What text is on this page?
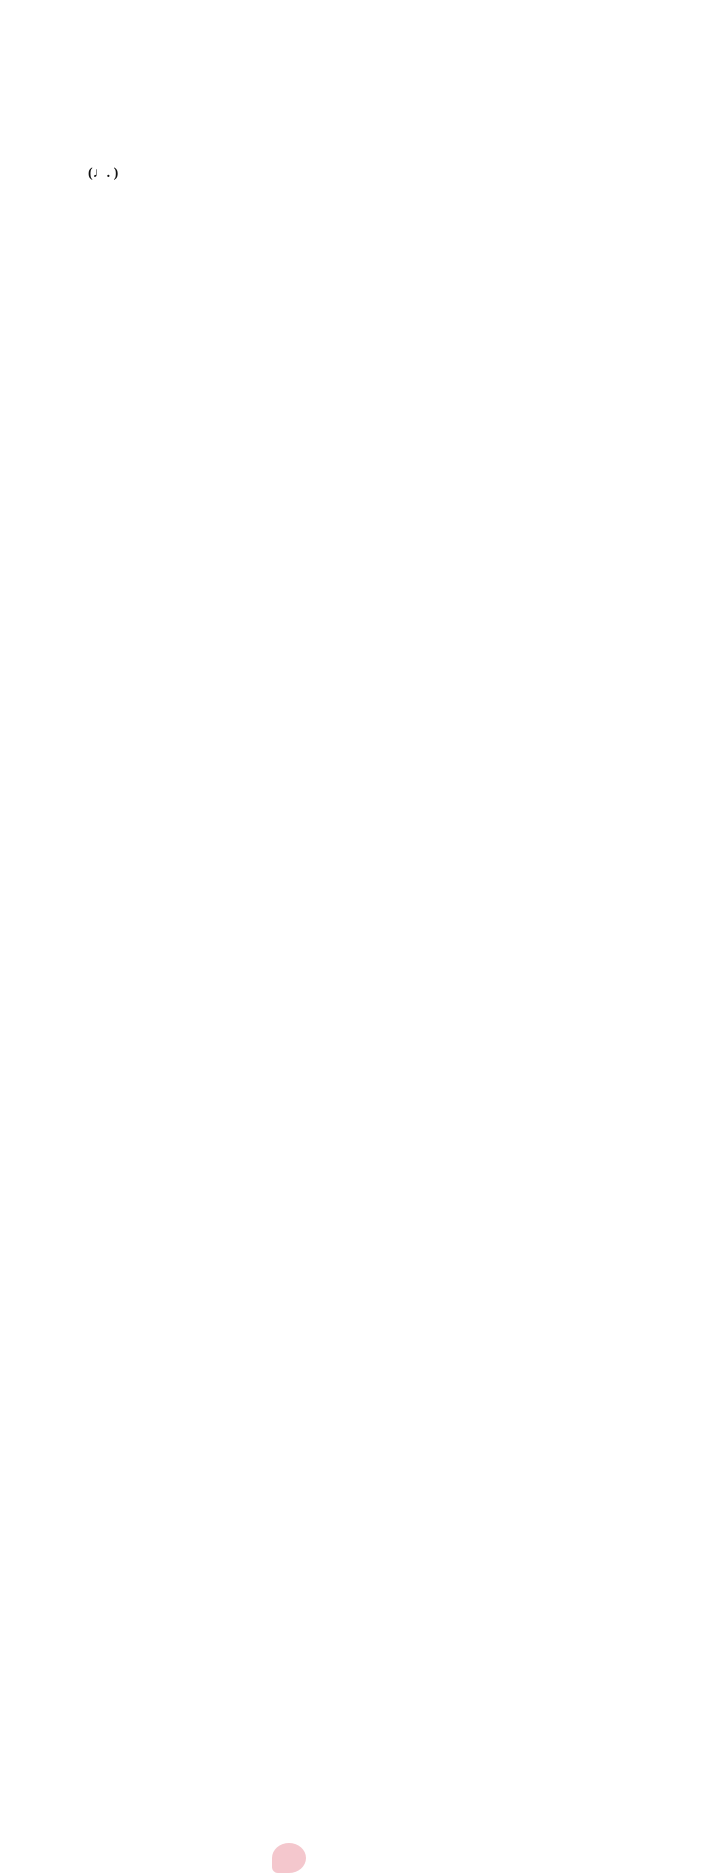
(♩. )
